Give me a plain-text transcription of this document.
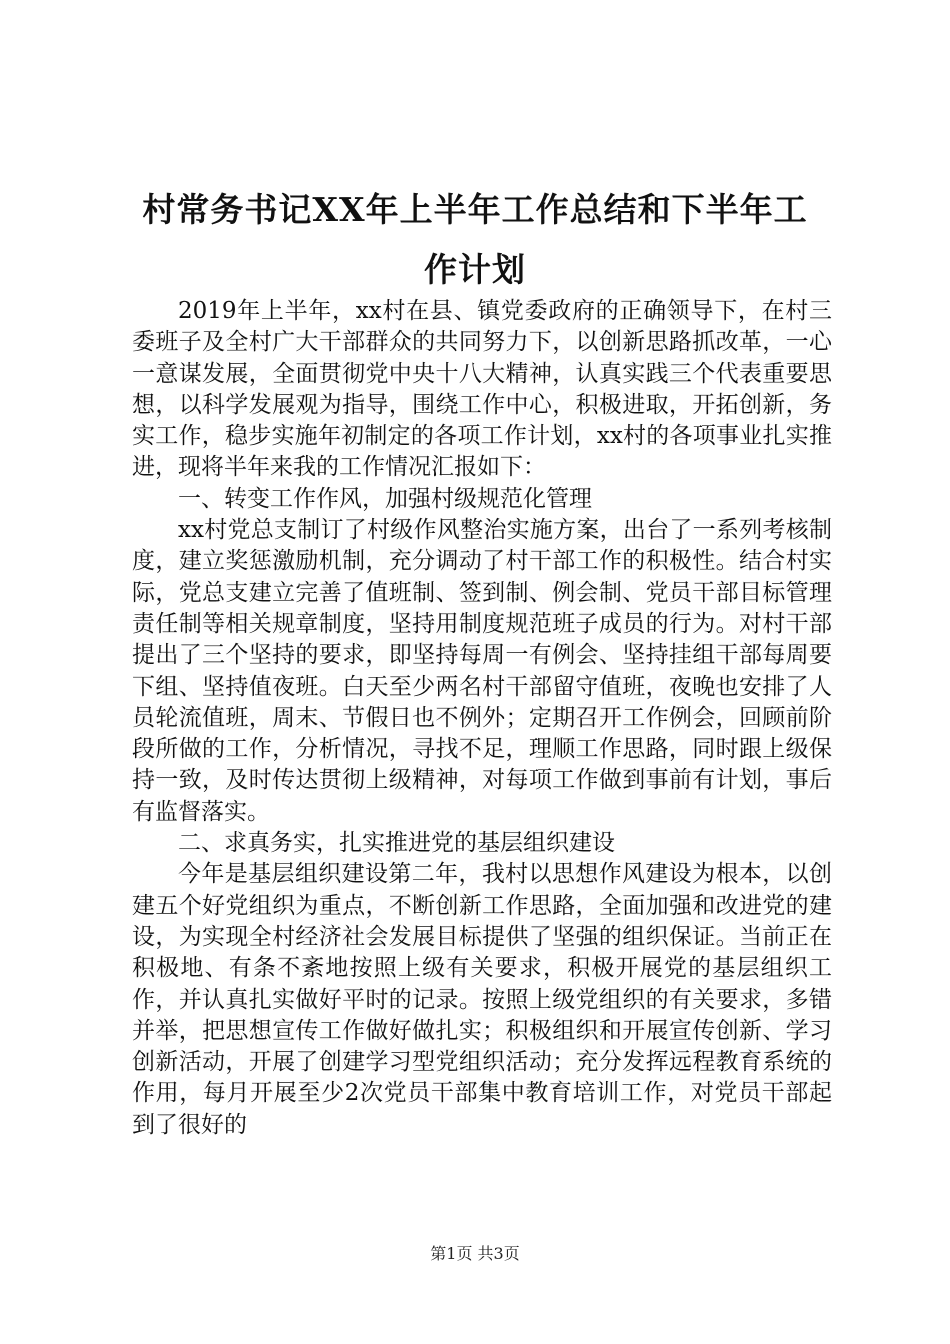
村常务书记XX年上半年工作总结和下半年工
作计划

2019年上半年，xx村在县、镇党委政府的正确领导下，在村三委班子及全村广大干部群众的共同努力下，以创新思路抓改革，一心一意谋发展，全面贯彻党中央十八大精神，认真实践三个代表重要思想，以科学发展观为指导，围绕工作中心，积极进取，开拓创新，务实工作，稳步实施年初制定的各项工作计划，xx村的各项事业扎实推进，现将半年来我的工作情况汇报如下：

一、转变工作作风，加强村级规范化管理

xx村党总支制订了村级作风整治实施方案，出台了一系列考核制度，建立奖惩激励机制，充分调动了村干部工作的积极性。结合村实际，党总支建立完善了值班制、签到制、例会制、党员干部目标管理责任制等相关规章制度，坚持用制度规范班子成员的行为。对村干部提出了三个坚持的要求，即坚持每周一有例会、坚持挂组干部每周要下组、坚持值夜班。白天至少两名村干部留守值班，夜晚也安排了人员轮流值班，周末、节假日也不例外；定期召开工作例会，回顾前阶段所做的工作，分析情况，寻找不足，理顺工作思路，同时跟上级保持一致，及时传达贯彻上级精神，对每项工作做到事前有计划，事后有监督落实。

二、求真务实，扎实推进党的基层组织建设

今年是基层组织建设第二年，我村以思想作风建设为根本，以创建五个好党组织为重点，不断创新工作思路，全面加强和改进党的建设，为实现全村经济社会发展目标提供了坚强的组织保证。当前正在积极地、有条不紊地按照上级有关要求，积极开展党的基层组织工作，并认真扎实做好平时的记录。按照上级党组织的有关要求，多错并举，把思想宣传工作做好做扎实；积极组织和开展宣传创新、学习创新活动，开展了创建学习型党组织活动；充分发挥远程教育系统的作用，每月开展至少2次党员干部集中教育培训工作，对党员干部起到了很好的

第1页 共3页
